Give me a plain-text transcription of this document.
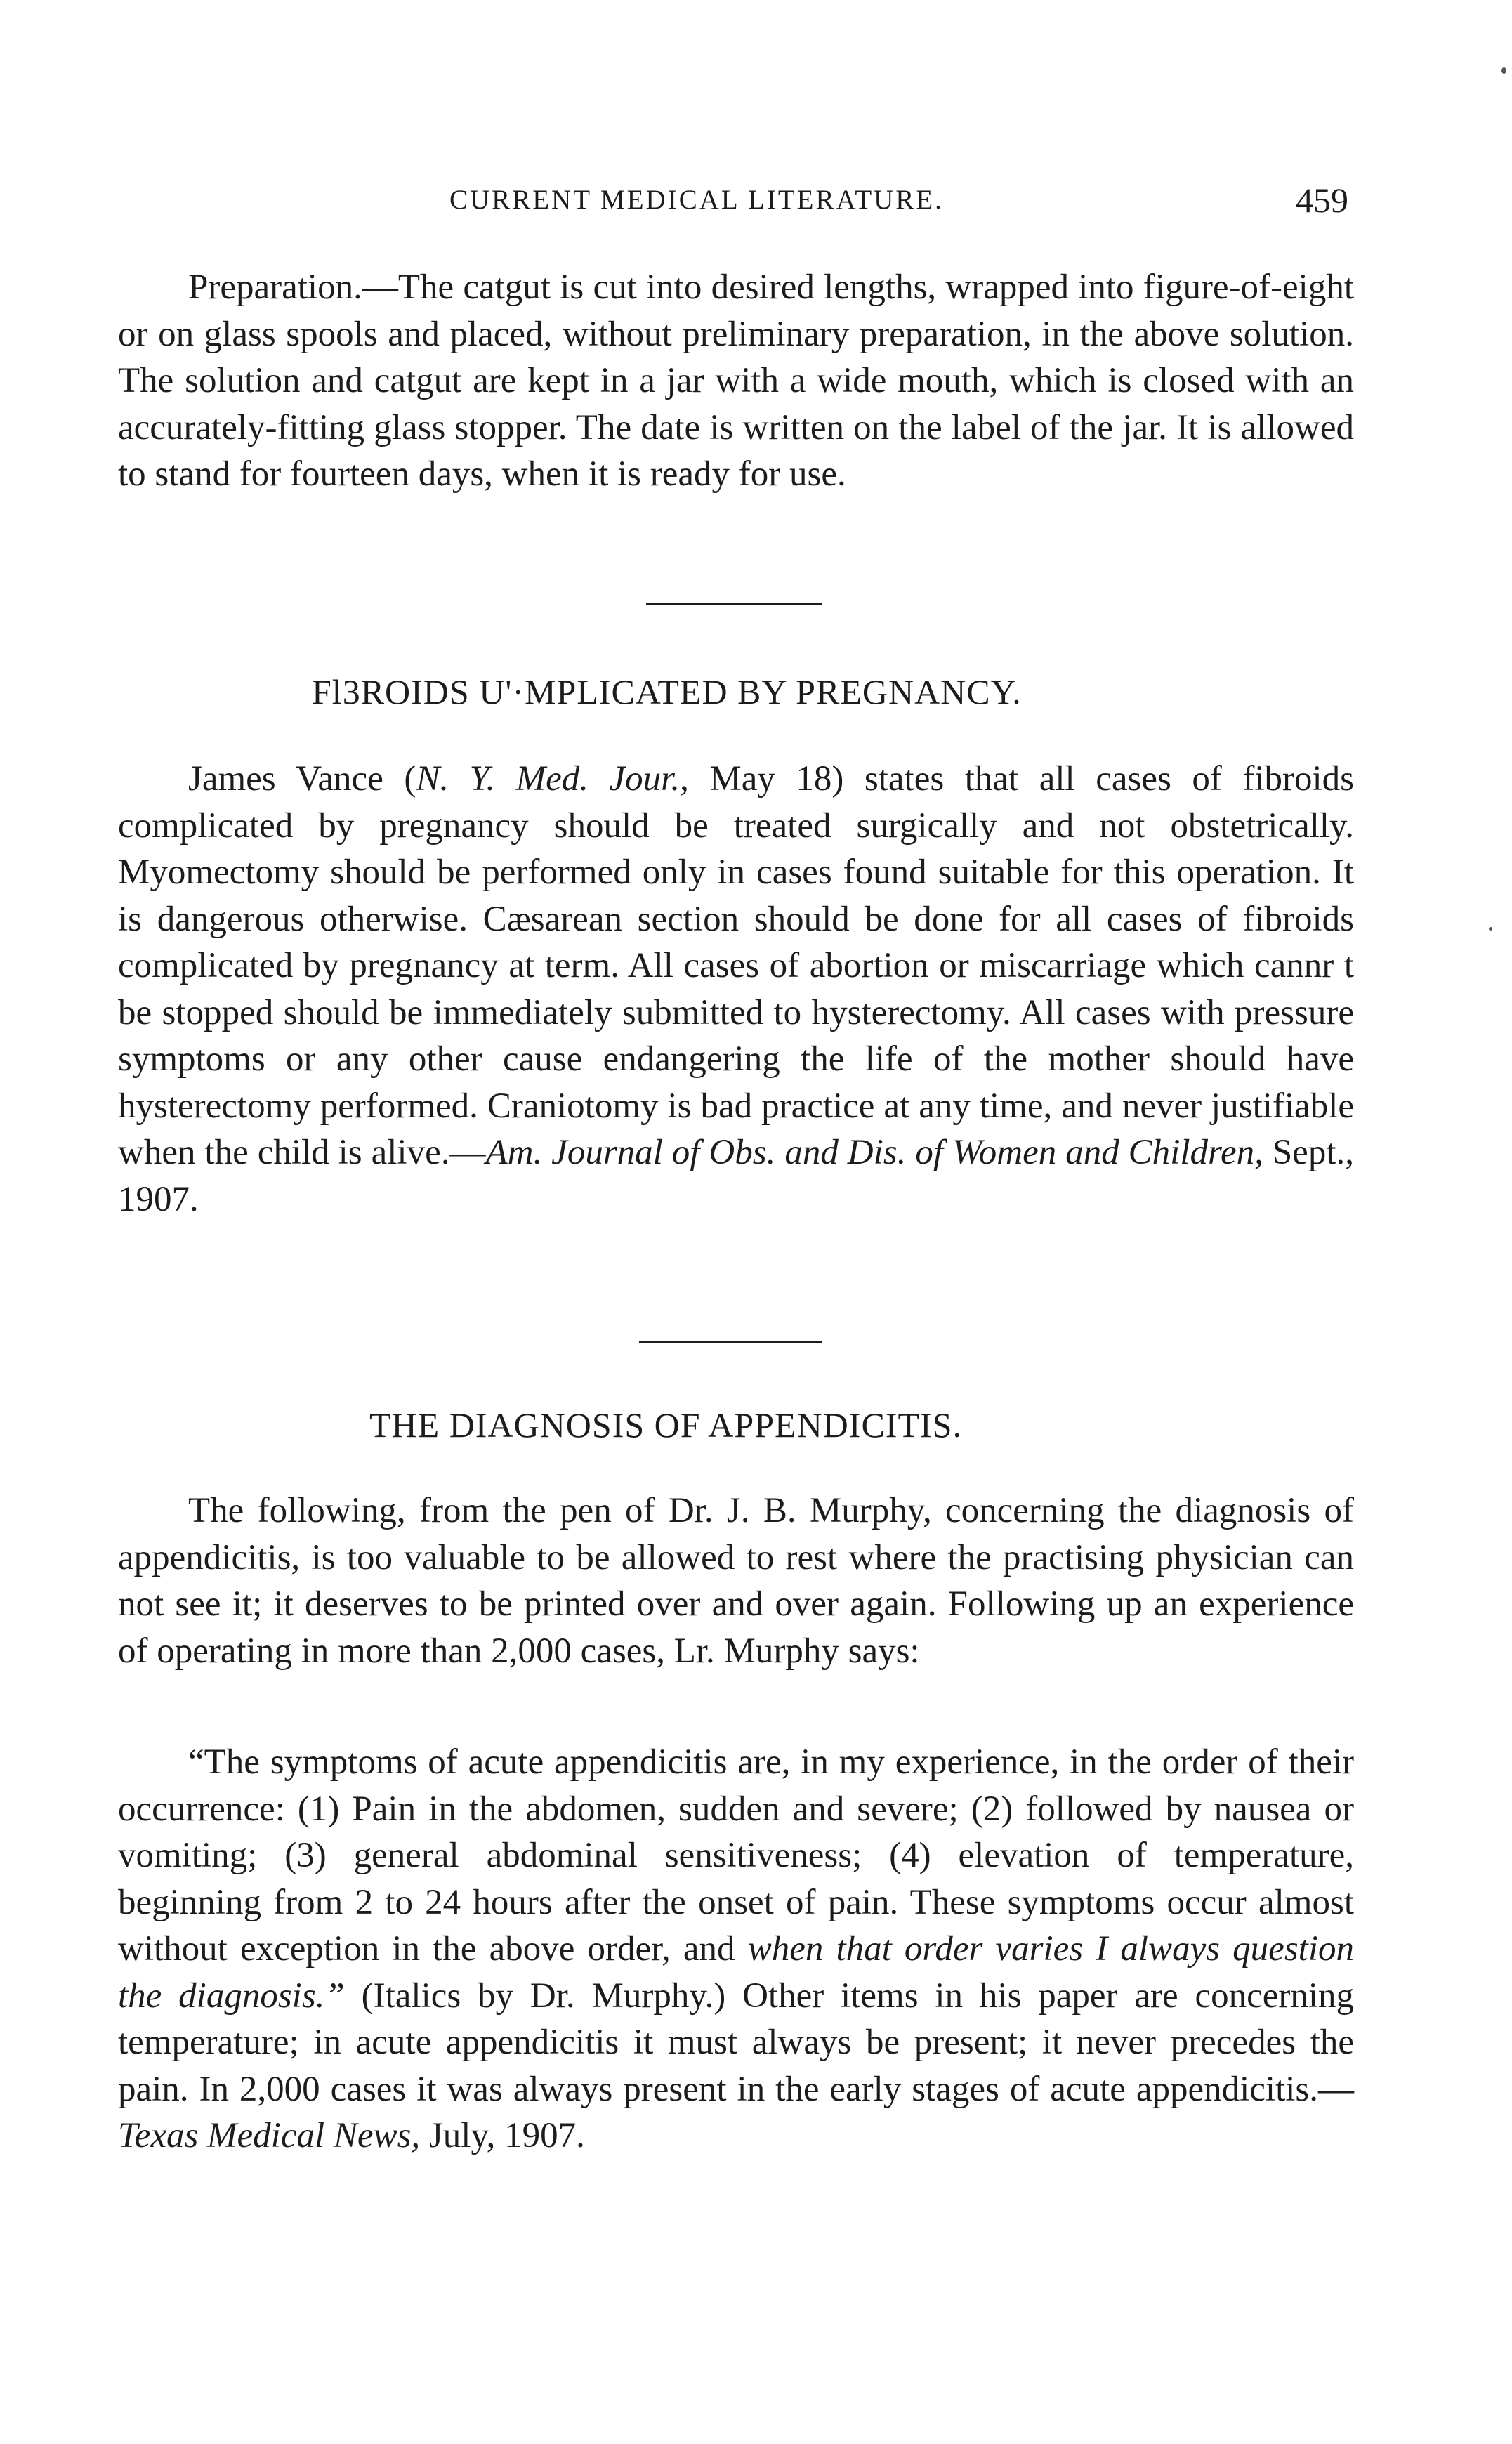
CURRENT MEDICAL LITERATURE.	459

Preparation.—The catgut is cut into desired lengths, wrapped into figure-of-eight or on glass spools and placed, without preliminary preparation, in the above solution. The solution and catgut are kept in a jar with a wide mouth, which is closed with an accurately-fitting glass stopper. The date is written on the label of the jar. It is allowed to stand for fourteen days, when it is ready for use.

Fl3ROIDS U'·MPLICATED BY PREGNANCY.

James Vance (N. Y. Med. Jour., May 18) states that all cases of fibroids complicated by pregnancy should be treated surgically and not obstetrically. Myomectomy should be performed only in cases found suitable for this operation. It is dangerous otherwise. Cæsarean section should be done for all cases of fibroids complicated by pregnancy at term. All cases of abortion or miscarriage which cannr t be stopped should be immediately submitted to hysterectomy. All cases with pressure symptoms or any other cause endangering the life of the mother should have hysterectomy performed. Craniotomy is bad practice at any time, and never justifiable when the child is alive.—Am. Journal of Obs. and Dis. of Women and Children, Sept., 1907.

THE DIAGNOSIS OF APPENDICITIS.

The following, from the pen of Dr. J. B. Murphy, concerning the diagnosis of appendicitis, is too valuable to be allowed to rest where the practising physician can not see it; it deserves to be printed over and over again. Following up an experience of operating in more than 2,000 cases, Lr. Murphy says:

“The symptoms of acute appendicitis are, in my experience, in the order of their occurrence: (1) Pain in the abdomen, sudden and severe; (2) followed by nausea or vomiting; (3) general abdominal sensitiveness; (4) elevation of temperature, beginning from 2 to 24 hours after the onset of pain. These symptoms occur almost without exception in the above order, and when that order varies I always question the diagnosis.” (Italics by Dr. Murphy.) Other items in his paper are concerning temperature; in acute appendicitis it must always be present; it never precedes the pain. In 2,000 cases it was always present in the early stages of acute appendicitis.—Texas Medical News, July, 1907.
